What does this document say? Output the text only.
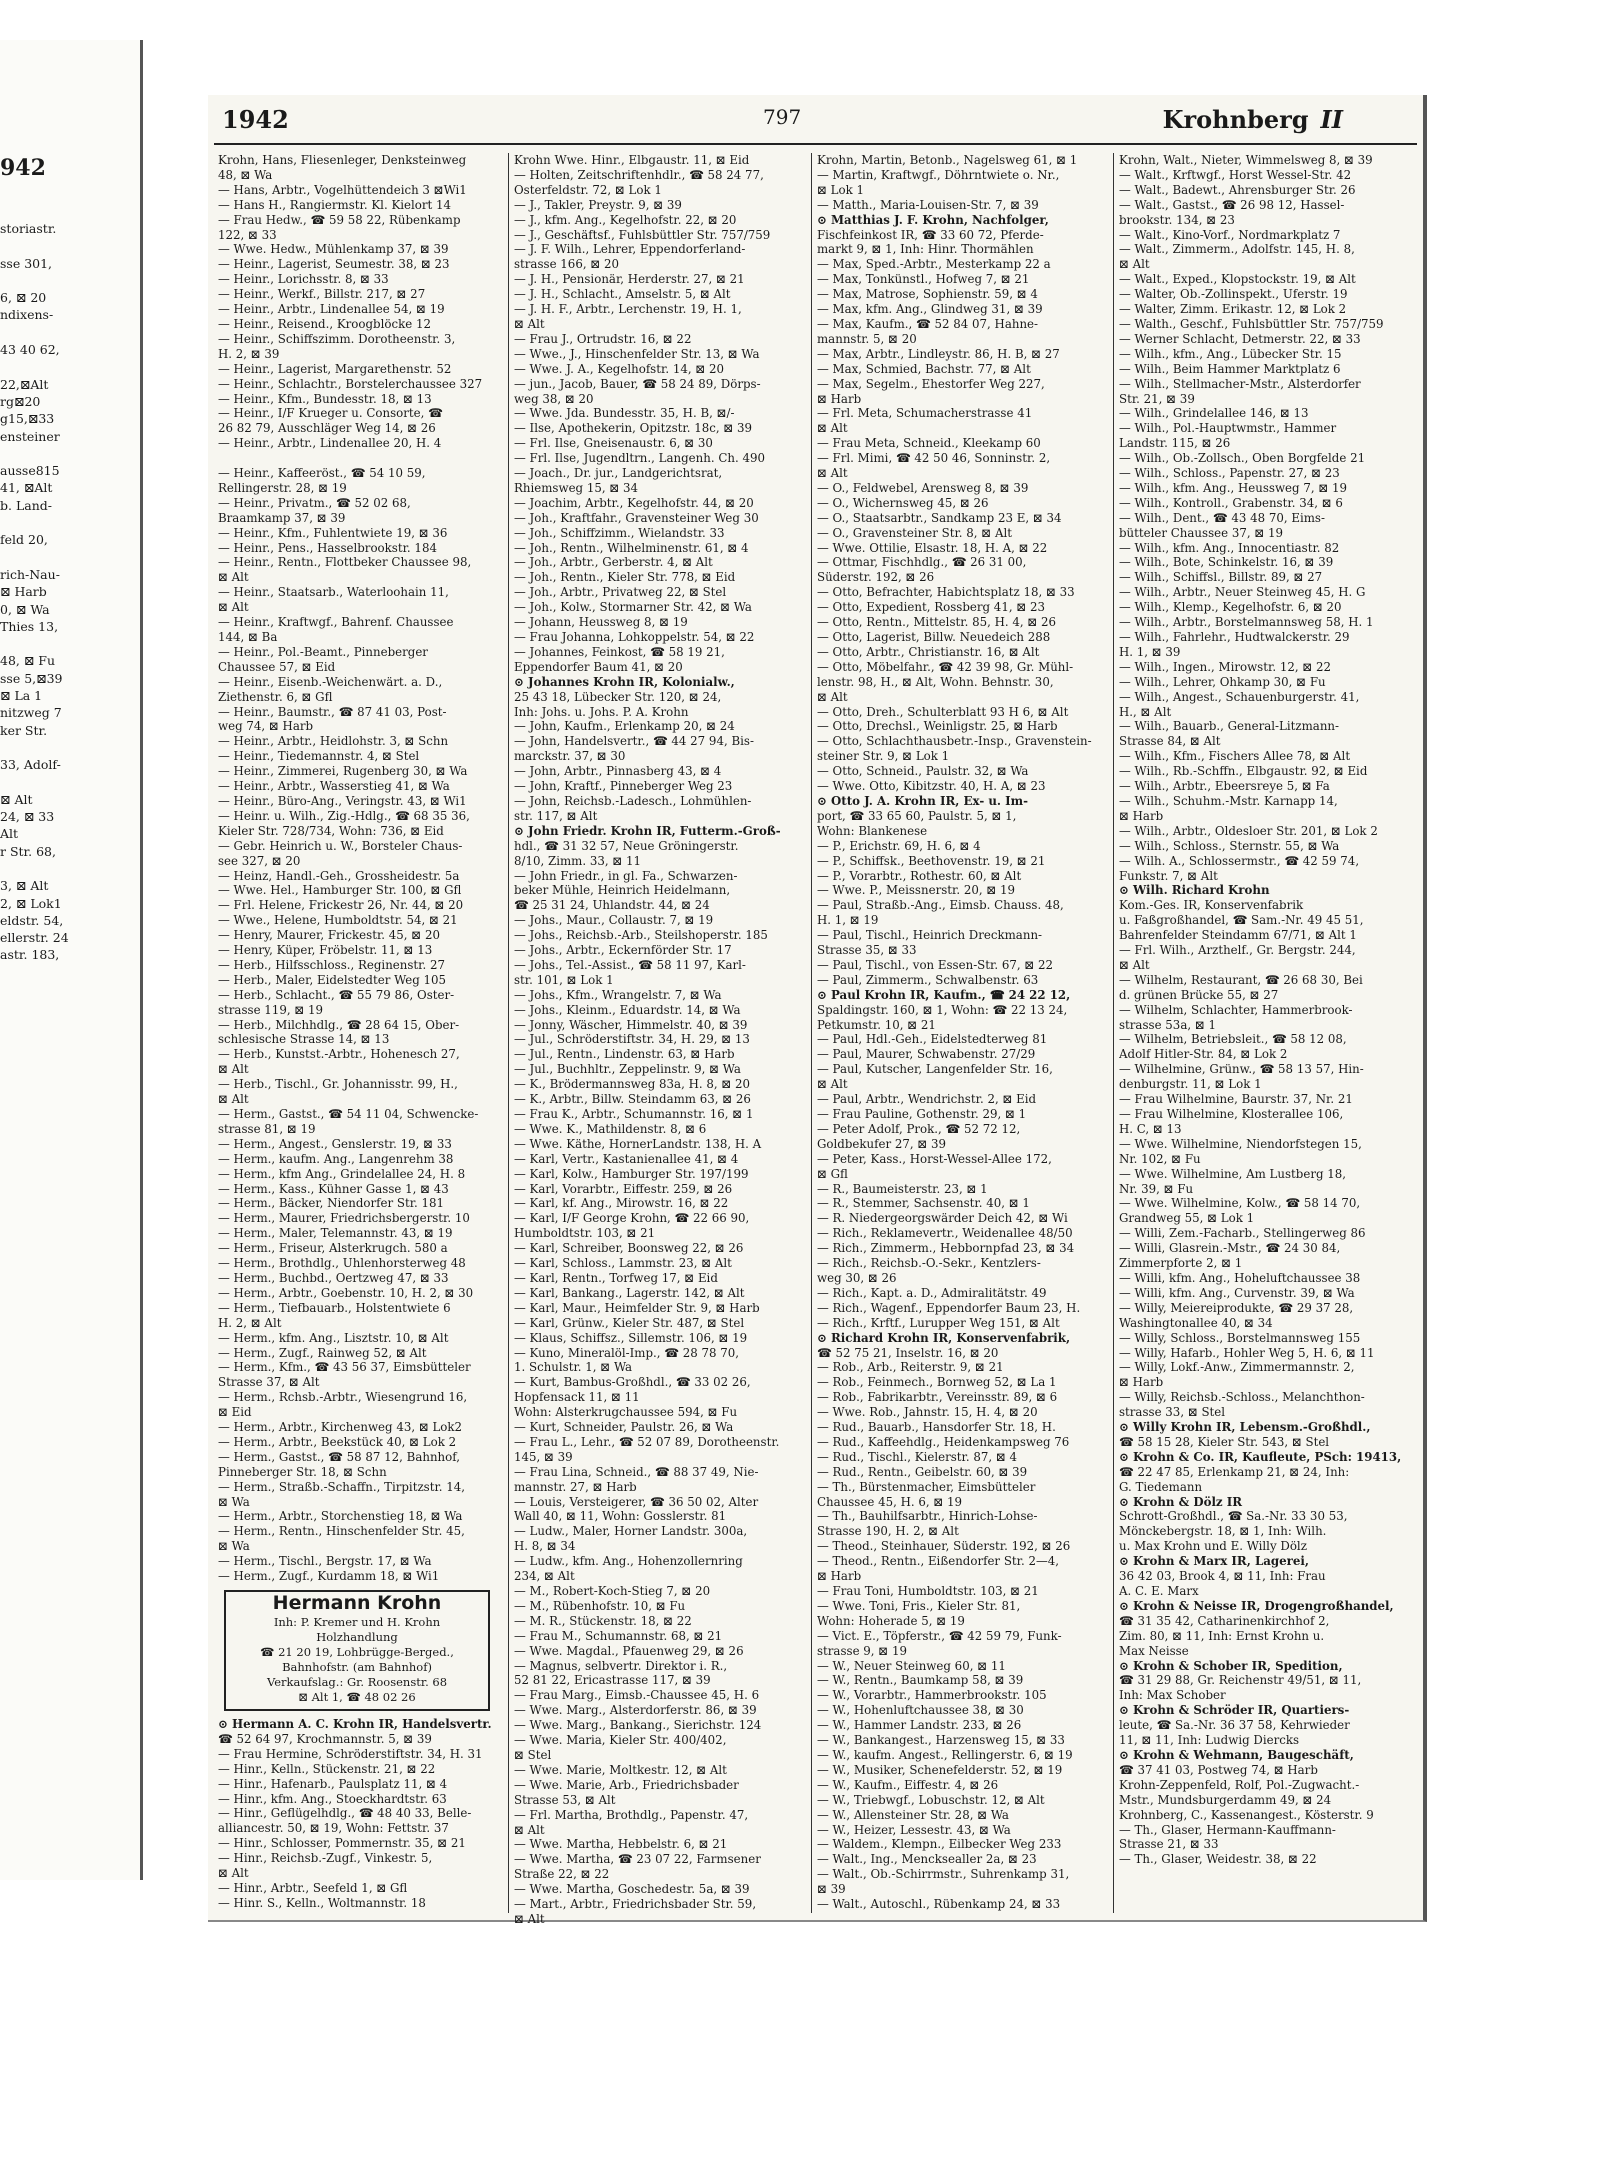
942
storiastr.

sse 301,

6, ⊠ 20
ndixens-

43 40 62,

22,⊠Alt
rg⊠20
g15,⊠33
ensteiner

ausse815
41, ⊠Alt
b. Land-

feld 20,

rich-Nau-
⊠ Harb
0, ⊠ Wa
Thies 13,

48, ⊠ Fu
sse 5,⊠39
⊠ La 1
nitzweg 7
ker Str.

33, Adolf-

⊠ Alt
24, ⊠ 33
Alt
r Str. 68,

3, ⊠ Alt
2, ⊠ Lok1
eldstr. 54,
ellerstr. 24
astr. 183,
1942	797	Krohnberg II
Krohn, Hans, Fliesenleger, Denksteinweg
48, ⊠ Wa
— Hans, Arbtr., Vogelhüttendeich 3 ⊠Wi1
— Hans H., Rangiermstr. Kl. Kielort 14
— Frau Hedw., ☎ 59 58 22, Rübenkamp
122, ⊠ 33
— Wwe. Hedw., Mühlenkamp 37, ⊠ 39
— Heinr., Lagerist, Seumestr. 38, ⊠ 23
— Heinr., Lorichsstr. 8, ⊠ 33
— Heinr., Werkf., Billstr. 217, ⊠ 27
— Heinr., Arbtr., Lindenallee 54, ⊠ 19
— Heinr., Reisend., Kroogblöcke 12
— Heinr., Schiffszimm. Dorotheenstr. 3,
H. 2, ⊠ 39
— Heinr., Lagerist, Margarethenstr. 52
— Heinr., Schlachtr., Borstelerchaussee 327
— Heinr., Kfm., Bundesstr. 18, ⊠ 13
— Heinr., I/F Krueger u. Consorte, ☎
26 82 79, Ausschläger Weg 14, ⊠ 26
— Heinr., Arbtr., Lindenallee 20, H. 4

— Heinr., Kaffeeröst., ☎ 54 10 59,
Rellingerstr. 28, ⊠ 19
— Heinr., Privatm., ☎ 52 02 68,
Braamkamp 37, ⊠ 39
— Heinr., Kfm., Fuhlentwiete 19, ⊠ 36
— Heinr., Pens., Hasselbrookstr. 184
— Heinr., Rentn., Flottbeker Chaussee 98,
⊠ Alt
— Heinr., Staatsarb., Waterloohain 11,
⊠ Alt
— Heinr., Kraftwgf., Bahrenf. Chaussee
144, ⊠ Ba
— Heinr., Pol.-Beamt., Pinneberger
Chaussee 57, ⊠ Eid
— Heinr., Eisenb.-Weichenwärt. a. D.,
Ziethenstr. 6, ⊠ Gfl
— Heinr., Baumstr., ☎ 87 41 03, Post-
weg 74, ⊠ Harb
— Heinr., Arbtr., Heidlohstr. 3, ⊠ Schn
— Heinr., Tiedemannstr. 4, ⊠ Stel
— Heinr., Zimmerei, Rugenberg 30, ⊠ Wa
— Heinr., Arbtr., Wasserstieg 41, ⊠ Wa
— Heinr., Büro-Ang., Veringstr. 43, ⊠ Wi1
— Heinr. u. Wilh., Zig.-Hdlg., ☎ 68 35 36,
Kieler Str. 728/734, Wohn: 736, ⊠ Eid
— Gebr. Heinrich u. W., Borsteler Chaus-
see 327, ⊠ 20
— Heinz, Handl.-Geh., Grossheidestr. 5a
— Wwe. Hel., Hamburger Str. 100, ⊠ Gfl
— Frl. Helene, Frickestr 26, Nr. 44, ⊠ 20
— Wwe., Helene, Humboldtstr. 54, ⊠ 21
— Henry, Maurer, Frickestr. 45, ⊠ 20
— Henry, Küper, Fröbelstr. 11, ⊠ 13
— Herb., Hilfsschloss., Reginenstr. 27
— Herb., Maler, Eidelstedter Weg 105
— Herb., Schlacht., ☎ 55 79 86, Oster-
strasse 119, ⊠ 19
— Herb., Milchhdlg., ☎ 28 64 15, Ober-
schlesische Strasse 14, ⊠ 13
— Herb., Kunstst.-Arbtr., Hohenesch 27,
⊠ Alt
— Herb., Tischl., Gr. Johannisstr. 99, H.,
⊠ Alt
— Herm., Gastst., ☎ 54 11 04, Schwencke-
strasse 81, ⊠ 19
— Herm., Angest., Genslerstr. 19, ⊠ 33
— Herm., kaufm. Ang., Langenrehm 38
— Herm., kfm Ang., Grindelallee 24, H. 8
— Herm., Kass., Kühner Gasse 1, ⊠ 43
— Herm., Bäcker, Niendorfer Str. 181
— Herm., Maurer, Friedrichsbergerstr. 10
— Herm., Maler, Telemannstr. 43, ⊠ 19
— Herm., Friseur, Alsterkrugch. 580 a
— Herm., Brothdlg., Uhlenhorsterweg 48
— Herm., Buchbd., Oertzweg 47, ⊠ 33
— Herm., Arbtr., Goebenstr. 10, H. 2, ⊠ 30
— Herm., Tiefbauarb., Holstentwiete 6
H. 2, ⊠ Alt
— Herm., kfm. Ang., Lisztstr. 10, ⊠ Alt
— Herm., Zugf., Rainweg 52, ⊠ Alt
— Herm., Kfm., ☎ 43 56 37, Eimsbütteler
Strasse 37, ⊠ Alt
— Herm., Rchsb.-Arbtr., Wiesengrund 16,
⊠ Eid
— Herm., Arbtr., Kirchenweg 43, ⊠ Lok2
— Herm., Arbtr., Beekstück 40, ⊠ Lok 2
— Herm., Gastst., ☎ 58 87 12, Bahnhof,
Pinneberger Str. 18, ⊠ Schn
— Herm., Straßb.-Schaffn., Tirpitzstr. 14,
⊠ Wa
— Herm., Arbtr., Storchenstieg 18, ⊠ Wa
— Herm., Rentn., Hinschenfelder Str. 45,
⊠ Wa
— Herm., Tischl., Bergstr. 17, ⊠ Wa
— Herm., Zugf., Kurdamm 18, ⊠ Wi1
Hermann Krohn
Inh: P. Kremer und H. Krohn
Holzhandlung
☎ 21 20 19, Lohbrügge-Berged.,
Bahnhofstr. (am Bahnhof)
Verkaufslag.: Gr. Roosenstr. 68
⊠ Alt 1, ☎ 48 02 26
⊙ Hermann A. C. Krohn IR, Handelsvertr.
☎ 52 64 97, Krochmannstr. 5, ⊠ 39
— Frau Hermine, Schröderstiftstr. 34, H. 31
— Hinr., Kelln., Stückenstr. 21, ⊠ 22
— Hinr., Hafenarb., Paulsplatz 11, ⊠ 4
— Hinr., kfm. Ang., Stoeckhardtstr. 63
— Hinr., Geflügelhdlg., ☎ 48 40 33, Belle-
alliancestr. 50, ⊠ 19, Wohn: Fettstr. 37
— Hinr., Schlosser, Pommernstr. 35, ⊠ 21
— Hinr., Reichsb.-Zugf., Vinkestr. 5,
⊠ Alt
— Hinr., Arbtr., Seefeld 1, ⊠ Gfl
— Hinr. S., Kelln., Woltmannstr. 18
Krohn Wwe. Hinr., Elbgaustr. 11, ⊠ Eid
— Holten, Zeitschriftenhdlr., ☎ 58 24 77,
Osterfeldstr. 72, ⊠ Lok 1
— J., Takler, Preystr. 9, ⊠ 39
— J., kfm. Ang., Kegelhofstr. 22, ⊠ 20
— J., Geschäftsf., Fuhlsbüttler Str. 757/759
— J. F. Wilh., Lehrer, Eppendorferland-
strasse 166, ⊠ 20
— J. H., Pensionär, Herderstr. 27, ⊠ 21
— J. H., Schlacht., Amselstr. 5, ⊠ Alt
— J. H. F., Arbtr., Lerchenstr. 19, H. 1,
⊠ Alt
— Frau J., Ortrudstr. 16, ⊠ 22
— Wwe., J., Hinschenfelder Str. 13, ⊠ Wa
— Wwe. J. A., Kegelhofstr. 14, ⊠ 20
— jun., Jacob, Bauer, ☎ 58 24 89, Dörps-
weg 38, ⊠ 20
— Wwe. Jda. Bundesstr. 35, H. B, ⊠/-
— Ilse, Apothekerin, Opitzstr. 18c, ⊠ 39
— Frl. Ilse, Gneisenaustr. 6, ⊠ 30
— Frl. Ilse, Jugendltrn., Langenh. Ch. 490
— Joach., Dr. jur., Landgerichtsrat,
Rhiemsweg 15, ⊠ 34
— Joachim, Arbtr., Kegelhofstr. 44, ⊠ 20
— Joh., Kraftfahr., Gravensteiner Weg 30
— Joh., Schiffzimm., Wielandstr. 33
— Joh., Rentn., Wilhelminenstr. 61, ⊠ 4
— Joh., Arbtr., Gerberstr. 4, ⊠ Alt
— Joh., Rentn., Kieler Str. 778, ⊠ Eid
— Joh., Arbtr., Privatweg 22, ⊠ Stel
— Joh., Kolw., Stormarner Str. 42, ⊠ Wa
— Johann, Heussweg 8, ⊠ 19
— Frau Johanna, Lohkoppelstr. 54, ⊠ 22
— Johannes, Feinkost, ☎ 58 19 21,
Eppendorfer Baum 41, ⊠ 20
⊙ Johannes Krohn IR, Kolonialw.,
25 43 18, Lübecker Str. 120, ⊠ 24,
Inh: Johs. u. Johs. P. A. Krohn
— John, Kaufm., Erlenkamp 20, ⊠ 24
— John, Handelsvertr., ☎ 44 27 94, Bis-
marckstr. 37, ⊠ 30
— John, Arbtr., Pinnasberg 43, ⊠ 4
— John, Kraftf., Pinneberger Weg 23
— John, Reichsb.-Ladesch., Lohmühlen-
str. 117, ⊠ Alt
⊙ John Friedr. Krohn IR, Futterm.-Groß-
hdl., ☎ 31 32 57, Neue Gröningerstr.
8/10, Zimm. 33, ⊠ 11
— John Friedr., in gl. Fa., Schwarzen-
beker Mühle, Heinrich Heidelmann,
☎ 25 31 24, Uhlandstr. 44, ⊠ 24
— Johs., Maur., Collaustr. 7, ⊠ 19
— Johs., Reichsb.-Arb., Steilshoperstr. 185
— Johs., Arbtr., Eckernförder Str. 17
— Johs., Tel.-Assist., ☎ 58 11 97, Karl-
str. 101, ⊠ Lok 1
— Johs., Kfm., Wrangelstr. 7, ⊠ Wa
— Johs., Kleinm., Eduardstr. 14, ⊠ Wa
— Jonny, Wäscher, Himmelstr. 40, ⊠ 39
— Jul., Schröderstiftstr. 34, H. 29, ⊠ 13
— Jul., Rentn., Lindenstr. 63, ⊠ Harb
— Jul., Buchhltr., Zeppelinstr. 9, ⊠ Wa
— K., Brödermannsweg 83a, H. 8, ⊠ 20
— K., Arbtr., Billw. Steindamm 63, ⊠ 26
— Frau K., Arbtr., Schumannstr. 16, ⊠ 1
— Wwe. K., Mathildenstr. 8, ⊠ 6
— Wwe. Käthe, HornerLandstr. 138, H. A
— Karl, Vertr., Kastanienallee 41, ⊠ 4
— Karl, Kolw., Hamburger Str. 197/199
— Karl, Vorarbtr., Eiffestr. 259, ⊠ 26
— Karl, kf. Ang., Mirowstr. 16, ⊠ 22
— Karl, I/F George Krohn, ☎ 22 66 90,
Humboldtstr. 103, ⊠ 21
— Karl, Schreiber, Boonsweg 22, ⊠ 26
— Karl, Schloss., Lammstr. 23, ⊠ Alt
— Karl, Rentn., Torfweg 17, ⊠ Eid
— Karl, Bankang., Lagerstr. 142, ⊠ Alt
— Karl, Maur., Heimfelder Str. 9, ⊠ Harb
— Karl, Grünw., Kieler Str. 487, ⊠ Stel
— Klaus, Schiffsz., Sillemstr. 106, ⊠ 19
— Kuno, Mineralöl-Imp., ☎ 28 78 70,
1. Schulstr. 1, ⊠ Wa
— Kurt, Bambus-Großhdl., ☎ 33 02 26,
Hopfensack 11, ⊠ 11
Wohn: Alsterkrugchaussee 594, ⊠ Fu
— Kurt, Schneider, Paulstr. 26, ⊠ Wa
— Frau L., Lehr., ☎ 52 07 89, Dorotheenstr.
145, ⊠ 39
— Frau Lina, Schneid., ☎ 88 37 49, Nie-
mannstr. 27, ⊠ Harb
— Louis, Versteigerer, ☎ 36 50 02, Alter
Wall 40, ⊠ 11, Wohn: Gosslerstr. 81
— Ludw., Maler, Horner Landstr. 300a,
H. 8, ⊠ 34
— Ludw., kfm. Ang., Hohenzollernring
234, ⊠ Alt
— M., Robert-Koch-Stieg 7, ⊠ 20
— M., Rübenhofstr. 10, ⊠ Fu
— M. R., Stückenstr. 18, ⊠ 22
— Frau M., Schumannstr. 68, ⊠ 21
— Wwe. Magdal., Pfauenweg 29, ⊠ 26
— Magnus, selbvertr. Direktor i. R.,
52 81 22, Ericastrasse 117, ⊠ 39
— Frau Marg., Eimsb.-Chaussee 45, H. 6
— Wwe. Marg., Alsterdorferstr. 86, ⊠ 39
— Wwe. Marg., Bankang., Sierichstr. 124
— Wwe. Maria, Kieler Str. 400/402,
⊠ Stel
— Wwe. Marie, Moltkestr. 12, ⊠ Alt
— Wwe. Marie, Arb., Friedrichsbader
Strasse 53, ⊠ Alt
— Frl. Martha, Brothdlg., Papenstr. 47,
⊠ Alt
— Wwe. Martha, Hebbelstr. 6, ⊠ 21
— Wwe. Martha, ☎ 23 07 22, Farmsener
Straße 22, ⊠ 22
— Wwe. Martha, Goschedestr. 5a, ⊠ 39
— Mart., Arbtr., Friedrichsbader Str. 59,
⊠ Alt
Krohn, Martin, Betonb., Nagelsweg 61, ⊠ 1
— Martin, Kraftwgf., Döhrntwiete o. Nr.,
⊠ Lok 1
— Matth., Maria-Louisen-Str. 7, ⊠ 39
⊙ Matthias J. F. Krohn, Nachfolger,
Fischfeinkost IR, ☎ 33 60 72, Pferde-
markt 9, ⊠ 1, Inh: Hinr. Thormählen
— Max, Sped.-Arbtr., Mesterkamp 22 a
— Max, Tonkünstl., Hofweg 7, ⊠ 21
— Max, Matrose, Sophienstr. 59, ⊠ 4
— Max, kfm. Ang., Glindweg 31, ⊠ 39
— Max, Kaufm., ☎ 52 84 07, Hahne-
mannstr. 5, ⊠ 20
— Max, Arbtr., Lindleystr. 86, H. B, ⊠ 27
— Max, Schmied, Bachstr. 77, ⊠ Alt
— Max, Segelm., Ehestorfer Weg 227,
⊠ Harb
— Frl. Meta, Schumacherstrasse 41
⊠ Alt
— Frau Meta, Schneid., Kleekamp 60
— Frl. Mimi, ☎ 42 50 46, Sonninstr. 2,
⊠ Alt
— O., Feldwebel, Arensweg 8, ⊠ 39
— O., Wichernsweg 45, ⊠ 26
— O., Staatsarbtr., Sandkamp 23 E, ⊠ 34
— O., Gravensteiner Str. 8, ⊠ Alt
— Wwe. Ottilie, Elsastr. 18, H. A, ⊠ 22
— Ottmar, Fischhdlg., ☎ 26 31 00,
Süderstr. 192, ⊠ 26
— Otto, Befrachter, Habichtsplatz 18, ⊠ 33
— Otto, Expedient, Rossberg 41, ⊠ 23
— Otto, Rentn., Mittelstr. 85, H. 4, ⊠ 26
— Otto, Lagerist, Billw. Neuedeich 288
— Otto, Arbtr., Christianstr. 16, ⊠ Alt
— Otto, Möbelfahr., ☎ 42 39 98, Gr. Mühl-
lenstr. 98, H., ⊠ Alt, Wohn. Behnstr. 30,
⊠ Alt
— Otto, Dreh., Schulterblatt 93 H 6, ⊠ Alt
— Otto, Drechsl., Weinligstr. 25, ⊠ Harb
— Otto, Schlachthausbetr.-Insp., Gravenstein-
steiner Str. 9, ⊠ Lok 1
— Otto, Schneid., Paulstr. 32, ⊠ Wa
— Wwe. Otto, Kibitzstr. 40, H. A, ⊠ 23
⊙ Otto J. A. Krohn IR, Ex- u. Im-
port, ☎ 33 65 60, Paulstr. 5, ⊠ 1,
Wohn: Blankenese
— P., Erichstr. 69, H. 6, ⊠ 4
— P., Schiffsk., Beethovenstr. 19, ⊠ 21
— P., Vorarbtr., Rothestr. 60, ⊠ Alt
— Wwe. P., Meissnerstr. 20, ⊠ 19
— Paul, Straßb.-Ang., Eimsb. Chauss. 48,
H. 1, ⊠ 19
— Paul, Tischl., Heinrich Dreckmann-
Strasse 35, ⊠ 33
— Paul, Tischl., von Essen-Str. 67, ⊠ 22
— Paul, Zimmerm., Schwalbenstr. 63
⊙ Paul Krohn IR, Kaufm., ☎ 24 22 12,
Spaldingstr. 160, ⊠ 1, Wohn: ☎ 22 13 24,
Petkumstr. 10, ⊠ 21
— Paul, Hdl.-Geh., Eidelstedterweg 81
— Paul, Maurer, Schwabenstr. 27/29
— Paul, Kutscher, Langenfelder Str. 16,
⊠ Alt
— Paul, Arbtr., Wendrichstr. 2, ⊠ Eid
— Frau Pauline, Gothenstr. 29, ⊠ 1
— Peter Adolf, Prok., ☎ 52 72 12,
Goldbekufer 27, ⊠ 39
— Peter, Kass., Horst-Wessel-Allee 172,
⊠ Gfl
— R., Baumeisterstr. 23, ⊠ 1
— R., Stemmer, Sachsenstr. 40, ⊠ 1
— R. Niedergeorgswärder Deich 42, ⊠ Wi
— Rich., Reklamevertr., Weidenallee 48/50
— Rich., Zimmerm., Hebbornpfad 23, ⊠ 34
— Rich., Reichsb.-O.-Sekr., Kentzlers-
weg 30, ⊠ 26
— Rich., Kapt. a. D., Admiralitätstr. 49
— Rich., Wagenf., Eppendorfer Baum 23, H.
— Rich., Krftf., Lurupper Weg 151, ⊠ Alt
⊙ Richard Krohn IR, Konservenfabrik,
☎ 52 75 21, Inselstr. 16, ⊠ 20
— Rob., Arb., Reiterstr. 9, ⊠ 21
— Rob., Feinmech., Bornweg 52, ⊠ La 1
— Rob., Fabrikarbtr., Vereinsstr. 89, ⊠ 6
— Wwe. Rob., Jahnstr. 15, H. 4, ⊠ 20
— Rud., Bauarb., Hansdorfer Str. 18, H.
— Rud., Kaffeehdlg., Heidenkampsweg 76
— Rud., Tischl., Kielerstr. 87, ⊠ 4
— Rud., Rentn., Geibelstr. 60, ⊠ 39
— Th., Bürstenmacher, Eimsbütteler
Chaussee 45, H. 6, ⊠ 19
— Th., Bauhilfsarbtr., Hinrich-Lohse-
Strasse 190, H. 2, ⊠ Alt
— Theod., Steinhauer, Süderstr. 192, ⊠ 26
— Theod., Rentn., Eißendorfer Str. 2—4,
⊠ Harb
— Frau Toni, Humboldtstr. 103, ⊠ 21
— Wwe. Toni, Fris., Kieler Str. 81,
Wohn: Hoherade 5, ⊠ 19
— Vict. E., Töpferstr., ☎ 42 59 79, Funk-
strasse 9, ⊠ 19
— W., Neuer Steinweg 60, ⊠ 11
— W., Rentn., Baumkamp 58, ⊠ 39
— W., Vorarbtr., Hammerbrookstr. 105
— W., Hohenluftchaussee 38, ⊠ 30
— W., Hammer Landstr. 233, ⊠ 26
— W., Bankangest., Harzensweg 15, ⊠ 33
— W., kaufm. Angest., Rellingerstr. 6, ⊠ 19
— W., Musiker, Schenefelderstr. 52, ⊠ 19
— W., Kaufm., Eiffestr. 4, ⊠ 26
— W., Triebwgf., Lobuschstr. 12, ⊠ Alt
— W., Allensteiner Str. 28, ⊠ Wa
— W., Heizer, Lessestr. 43, ⊠ Wa
— Waldem., Klempn., Eilbecker Weg 233
— Walt., Ing., Mencksealler 2a, ⊠ 23
— Walt., Ob.-Schirrmstr., Suhrenkamp 31,
⊠ 39
— Walt., Autoschl., Rübenkamp 24, ⊠ 33
Krohn, Walt., Nieter, Wimmelsweg 8, ⊠ 39
— Walt., Krftwgf., Horst Wessel-Str. 42
— Walt., Badewt., Ahrensburger Str. 26
— Walt., Gastst., ☎ 26 98 12, Hassel-
brookstr. 134, ⊠ 23
— Walt., Kino-Vorf., Nordmarkplatz 7
— Walt., Zimmerm., Adolfstr. 145, H. 8,
⊠ Alt
— Walt., Exped., Klopstockstr. 19, ⊠ Alt
— Walter, Ob.-Zollinspekt., Uferstr. 19
— Walter, Zimm. Erikastr. 12, ⊠ Lok 2
— Walth., Geschf., Fuhlsbüttler Str. 757/759
— Werner Schlacht, Detmerstr. 22, ⊠ 33
— Wilh., kfm., Ang., Lübecker Str. 15
— Wilh., Beim Hammer Marktplatz 6
— Wilh., Stellmacher-Mstr., Alsterdorfer
Str. 21, ⊠ 39
— Wilh., Grindelallee 146, ⊠ 13
— Wilh., Pol.-Hauptwmstr., Hammer
Landstr. 115, ⊠ 26
— Wilh., Ob.-Zollsch., Oben Borgfelde 21
— Wilh., Schloss., Papenstr. 27, ⊠ 23
— Wilh., kfm. Ang., Heussweg 7, ⊠ 19
— Wilh., Kontroll., Grabenstr. 34, ⊠ 6
— Wilh., Dent., ☎ 43 48 70, Eims-
bütteler Chaussee 37, ⊠ 19
— Wilh., kfm. Ang., Innocentiastr. 82
— Wilh., Bote, Schinkelstr. 16, ⊠ 39
— Wilh., Schiffsl., Billstr. 89, ⊠ 27
— Wilh., Arbtr., Neuer Steinweg 45, H. G
— Wilh., Klemp., Kegelhofstr. 6, ⊠ 20
— Wilh., Arbtr., Borstelmannsweg 58, H. 1
— Wilh., Fahrlehr., Hudtwalckerstr. 29
H. 1, ⊠ 39
— Wilh., Ingen., Mirowstr. 12, ⊠ 22
— Wilh., Lehrer, Ohkamp 30, ⊠ Fu
— Wilh., Angest., Schauenburgerstr. 41,
H., ⊠ Alt
— Wilh., Bauarb., General-Litzmann-
Strasse 84, ⊠ Alt
— Wilh., Kfm., Fischers Allee 78, ⊠ Alt
— Wilh., Rb.-Schffn., Elbgaustr. 92, ⊠ Eid
— Wilh., Arbtr., Ebeersreye 5, ⊠ Fa
— Wilh., Schuhm.-Mstr. Karnapp 14,
⊠ Harb
— Wilh., Arbtr., Oldesloer Str. 201, ⊠ Lok 2
— Wilh., Schloss., Sternstr. 55, ⊠ Wa
— Wilh. A., Schlossermstr., ☎ 42 59 74,
Funkstr. 7, ⊠ Alt
⊙ Wilh. Richard Krohn
Kom.-Ges. IR, Konservenfabrik
u. Faßgroßhandel, ☎ Sam.-Nr. 49 45 51,
Bahrenfelder Steindamm 67/71, ⊠ Alt 1
— Frl. Wilh., Arzthelf., Gr. Bergstr. 244,
⊠ Alt
— Wilhelm, Restaurant, ☎ 26 68 30, Bei
d. grünen Brücke 55, ⊠ 27
— Wilhelm, Schlachter, Hammerbrook-
strasse 53a, ⊠ 1
— Wilhelm, Betriebsleit., ☎ 58 12 08,
Adolf Hitler-Str. 84, ⊠ Lok 2
— Wilhelmine, Grünw., ☎ 58 13 57, Hin-
denburgstr. 11, ⊠ Lok 1
— Frau Wilhelmine, Baurstr. 37, Nr. 21
— Frau Wilhelmine, Klosterallee 106,
H. C, ⊠ 13
— Wwe. Wilhelmine, Niendorfstegen 15,
Nr. 102, ⊠ Fu
— Wwe. Wilhelmine, Am Lustberg 18,
Nr. 39, ⊠ Fu
— Wwe. Wilhelmine, Kolw., ☎ 58 14 70,
Grandweg 55, ⊠ Lok 1
— Willi, Zem.-Facharb., Stellingerweg 86
— Willi, Glasrein.-Mstr., ☎ 24 30 84,
Zimmerpforte 2, ⊠ 1
— Willi, kfm. Ang., Hoheluftchaussee 38
— Willi, kfm. Ang., Curvenstr. 39, ⊠ Wa
— Willy, Meiereiprodukte, ☎ 29 37 28,
Washingtonallee 40, ⊠ 34
— Willy, Schloss., Borstelmannsweg 155
— Willy, Hafarb., Hohler Weg 5, H. 6, ⊠ 11
— Willy, Lokf.-Anw., Zimmermannstr. 2,
⊠ Harb
— Willy, Reichsb.-Schloss., Melanchthon-
strasse 33, ⊠ Stel
⊙ Willy Krohn IR, Lebensm.-Großhdl.,
☎ 58 15 28, Kieler Str. 543, ⊠ Stel
⊙ Krohn & Co. IR, Kaufleute, PSch: 19413,
☎ 22 47 85, Erlenkamp 21, ⊠ 24, Inh:
G. Tiedemann
⊙ Krohn & Dölz IR
Schrott-Großhdl., ☎ Sa.-Nr. 33 30 53,
Mönckebergstr. 18, ⊠ 1, Inh: Wilh.
u. Max Krohn und E. Willy Dölz
⊙ Krohn & Marx IR, Lagerei,
36 42 03, Brook 4, ⊠ 11, Inh: Frau
A. C. E. Marx
⊙ Krohn & Neisse IR, Drogengroßhandel,
☎ 31 35 42, Catharinenkirchhof 2,
Zim. 80, ⊠ 11, Inh: Ernst Krohn u.
Max Neisse
⊙ Krohn & Schober IR, Spedition,
☎ 31 29 88, Gr. Reichenstr 49/51, ⊠ 11,
Inh: Max Schober
⊙ Krohn & Schröder IR, Quartiers-
leute, ☎ Sa.-Nr. 36 37 58, Kehrwieder
11, ⊠ 11, Inh: Ludwig Diercks
⊙ Krohn & Wehmann, Baugeschäft,
☎ 37 41 03, Postweg 74, ⊠ Harb
Krohn-Zeppenfeld, Rolf, Pol.-Zugwacht.-
Mstr., Mundsburgerdamm 49, ⊠ 24
Krohnberg, C., Kassenangest., Kösterstr. 9
— Th., Glaser, Hermann-Kauffmann-
Strasse 21, ⊠ 33
— Th., Glaser, Weidestr. 38, ⊠ 22
